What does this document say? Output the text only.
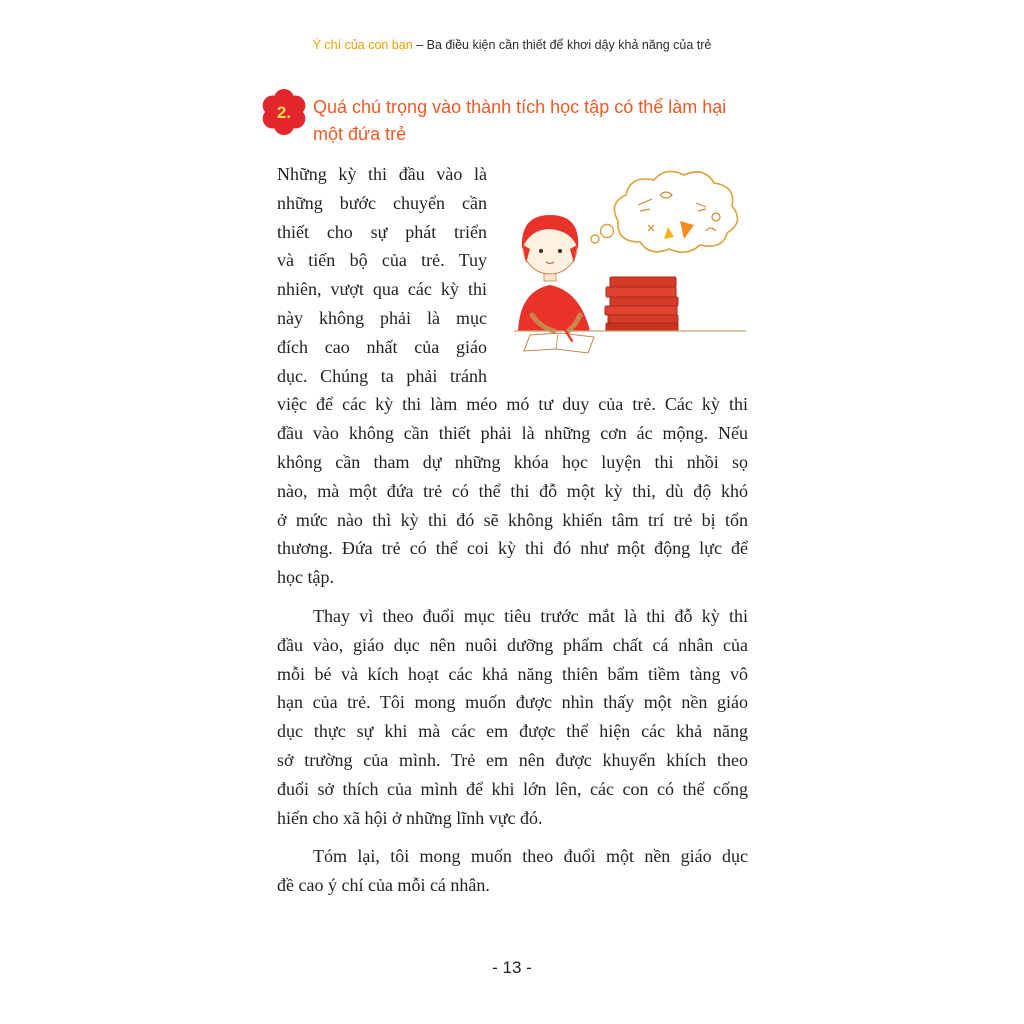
Ý chí của con bạn – Ba điều kiện cần thiết để khơi dậy khả năng của trẻ
2. Quá chú trọng vào thành tích học tập có thể làm hại
một đứa trẻ
Những kỳ thi đầu vào là
những bước chuyển cần
thiết cho sự phát triển
và tiến bộ của trẻ. Tuy
nhiên, vượt qua các kỳ thi
này không phải là mục
đích cao nhất của giáo
dục. Chúng ta phải tránh
việc để các kỳ thi làm méo mó tư duy của trẻ. Các kỳ thi
đầu vào không cần thiết phải là những cơn ác mộng. Nếu
không cần tham dự những khóa học luyện thi nhồi sọ
nào, mà một đứa trẻ có thể thi đỗ một kỳ thi, dù độ khó
ở mức nào thì kỳ thi đó sẽ không khiến tâm trí trẻ bị tổn
thương. Đứa trẻ có thể coi kỳ thi đó như một động lực để
học tập.
Thay vì theo đuổi mục tiêu trước mắt là thi đỗ kỳ thi
đầu vào, giáo dục nên nuôi dưỡng phẩm chất cá nhân của
mỗi bé và kích hoạt các khả năng thiên bẩm tiềm tàng vô
hạn của trẻ. Tôi mong muốn được nhìn thấy một nền giáo
dục thực sự khi mà các em được thể hiện các khả năng
sở trường của mình. Trẻ em nên được khuyến khích theo
đuổi sở thích của mình để khi lớn lên, các con có thể cống
hiến cho xã hội ở những lĩnh vực đó.
Tóm lại, tôi mong muốn theo đuổi một nền giáo dục
đề cao ý chí của mỗi cá nhân.
- 13 -
